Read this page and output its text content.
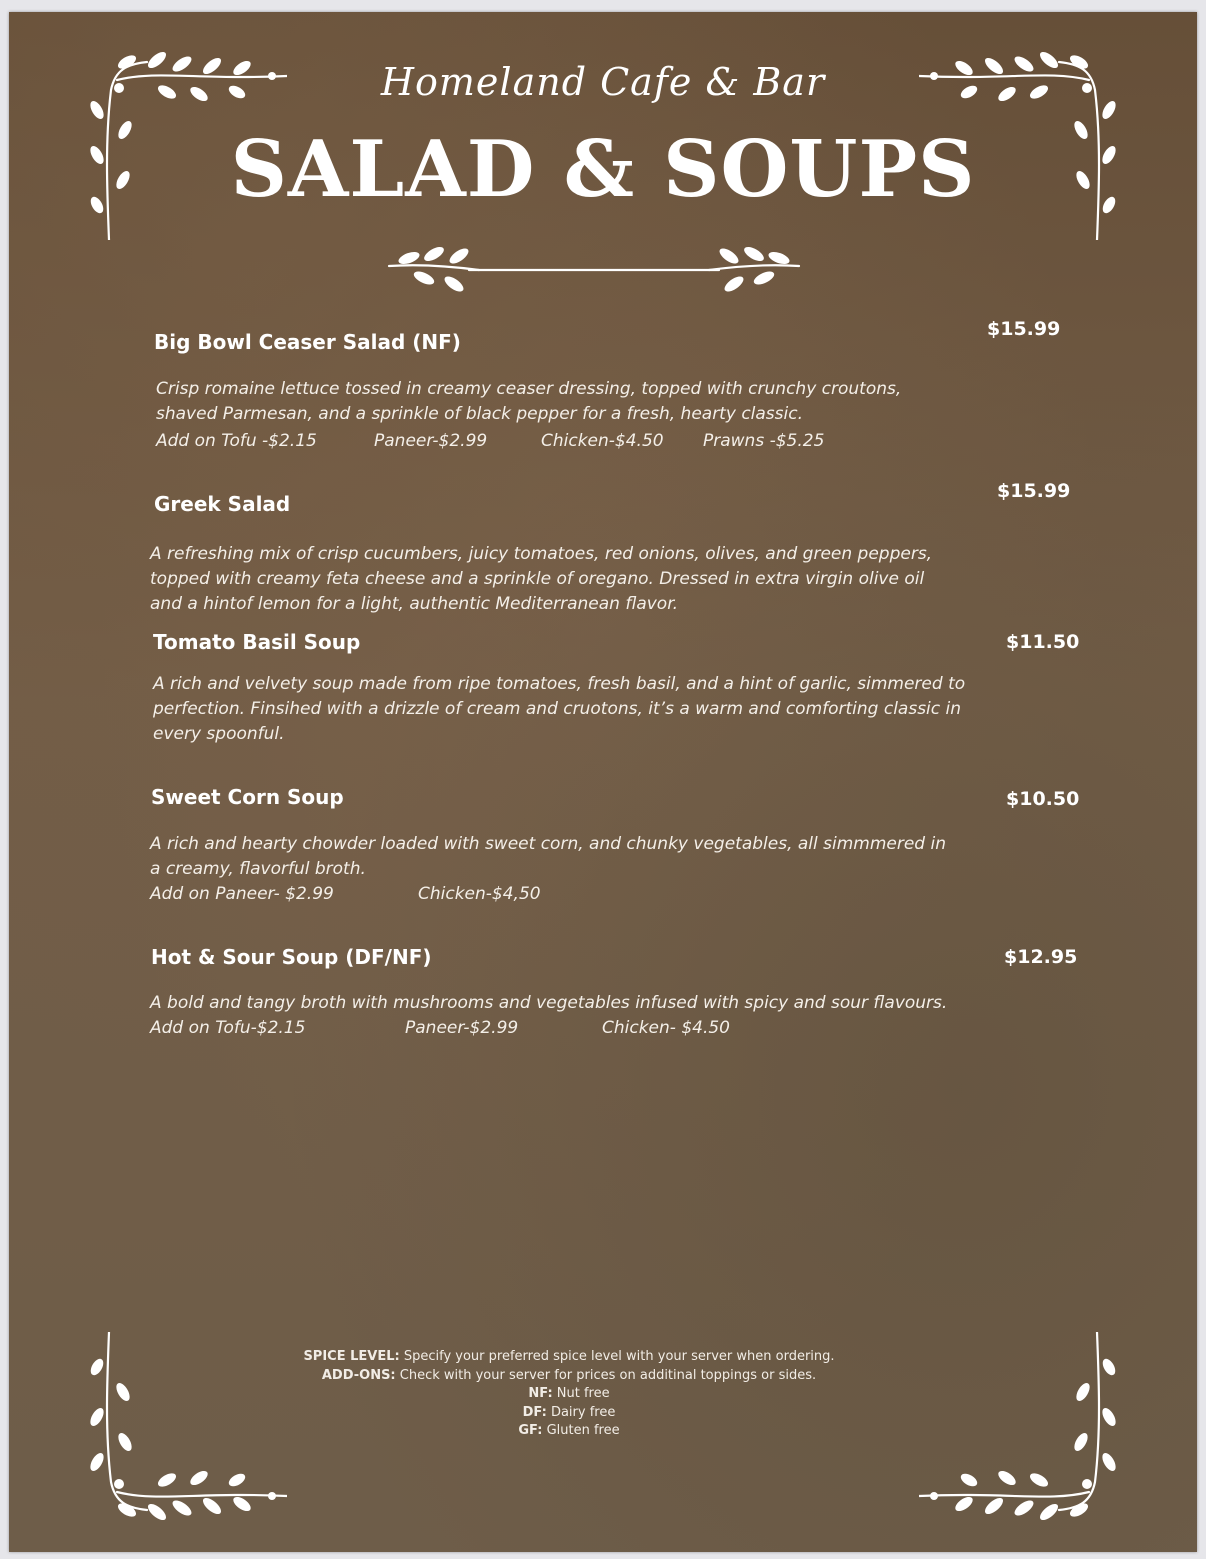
Homeland Cafe & Bar
SALAD & SOUPS
Big Bowl Ceaser Salad (NF)
$15.99
Crisp romaine lettuce tossed in creamy ceaser dressing, topped with crunchy croutons,
shaved Parmesan, and a sprinkle of black pepper for a fresh, hearty classic.
Add on Tofu -$2.15	Paneer-$2.99	Chicken-$4.50 Prawns -$5.25
Greek Salad
$15.99
A refreshing mix of crisp cucumbers, juicy tomatoes, red onions, olives, and green peppers,
topped with creamy feta cheese and a sprinkle of oregano. Dressed in extra virgin olive oil
and a hintof lemon for a light, authentic Mediterranean flavor.
Tomato Basil Soup	$11.50
A rich and velvety soup made from ripe tomatoes, fresh basil, and a hint of garlic, simmered to
perfection. Finsihed with a drizzle of cream and cruotons, it’s a warm and comforting classic in
every spoonful.
Sweet Corn Soup	$10.50
A rich and hearty chowder loaded with sweet corn, and chunky vegetables, all simmmered in
a creamy, flavorful broth.
Add on Paneer- $2.99	Chicken-$4,50
Hot & Sour Soup (DF/NF)	$12.95
A bold and tangy broth with mushrooms and vegetables infused with spicy and sour flavours.
Add on Tofu-$2.15	Paneer-$2.99	Chicken- $4.50
SPICE LEVEL: Specify your preferred spice level with your server when ordering.
ADD-ONS: Check with your server for prices on additinal toppings or sides.
NF: Nut free
DF: Dairy free
GF: Gluten free
